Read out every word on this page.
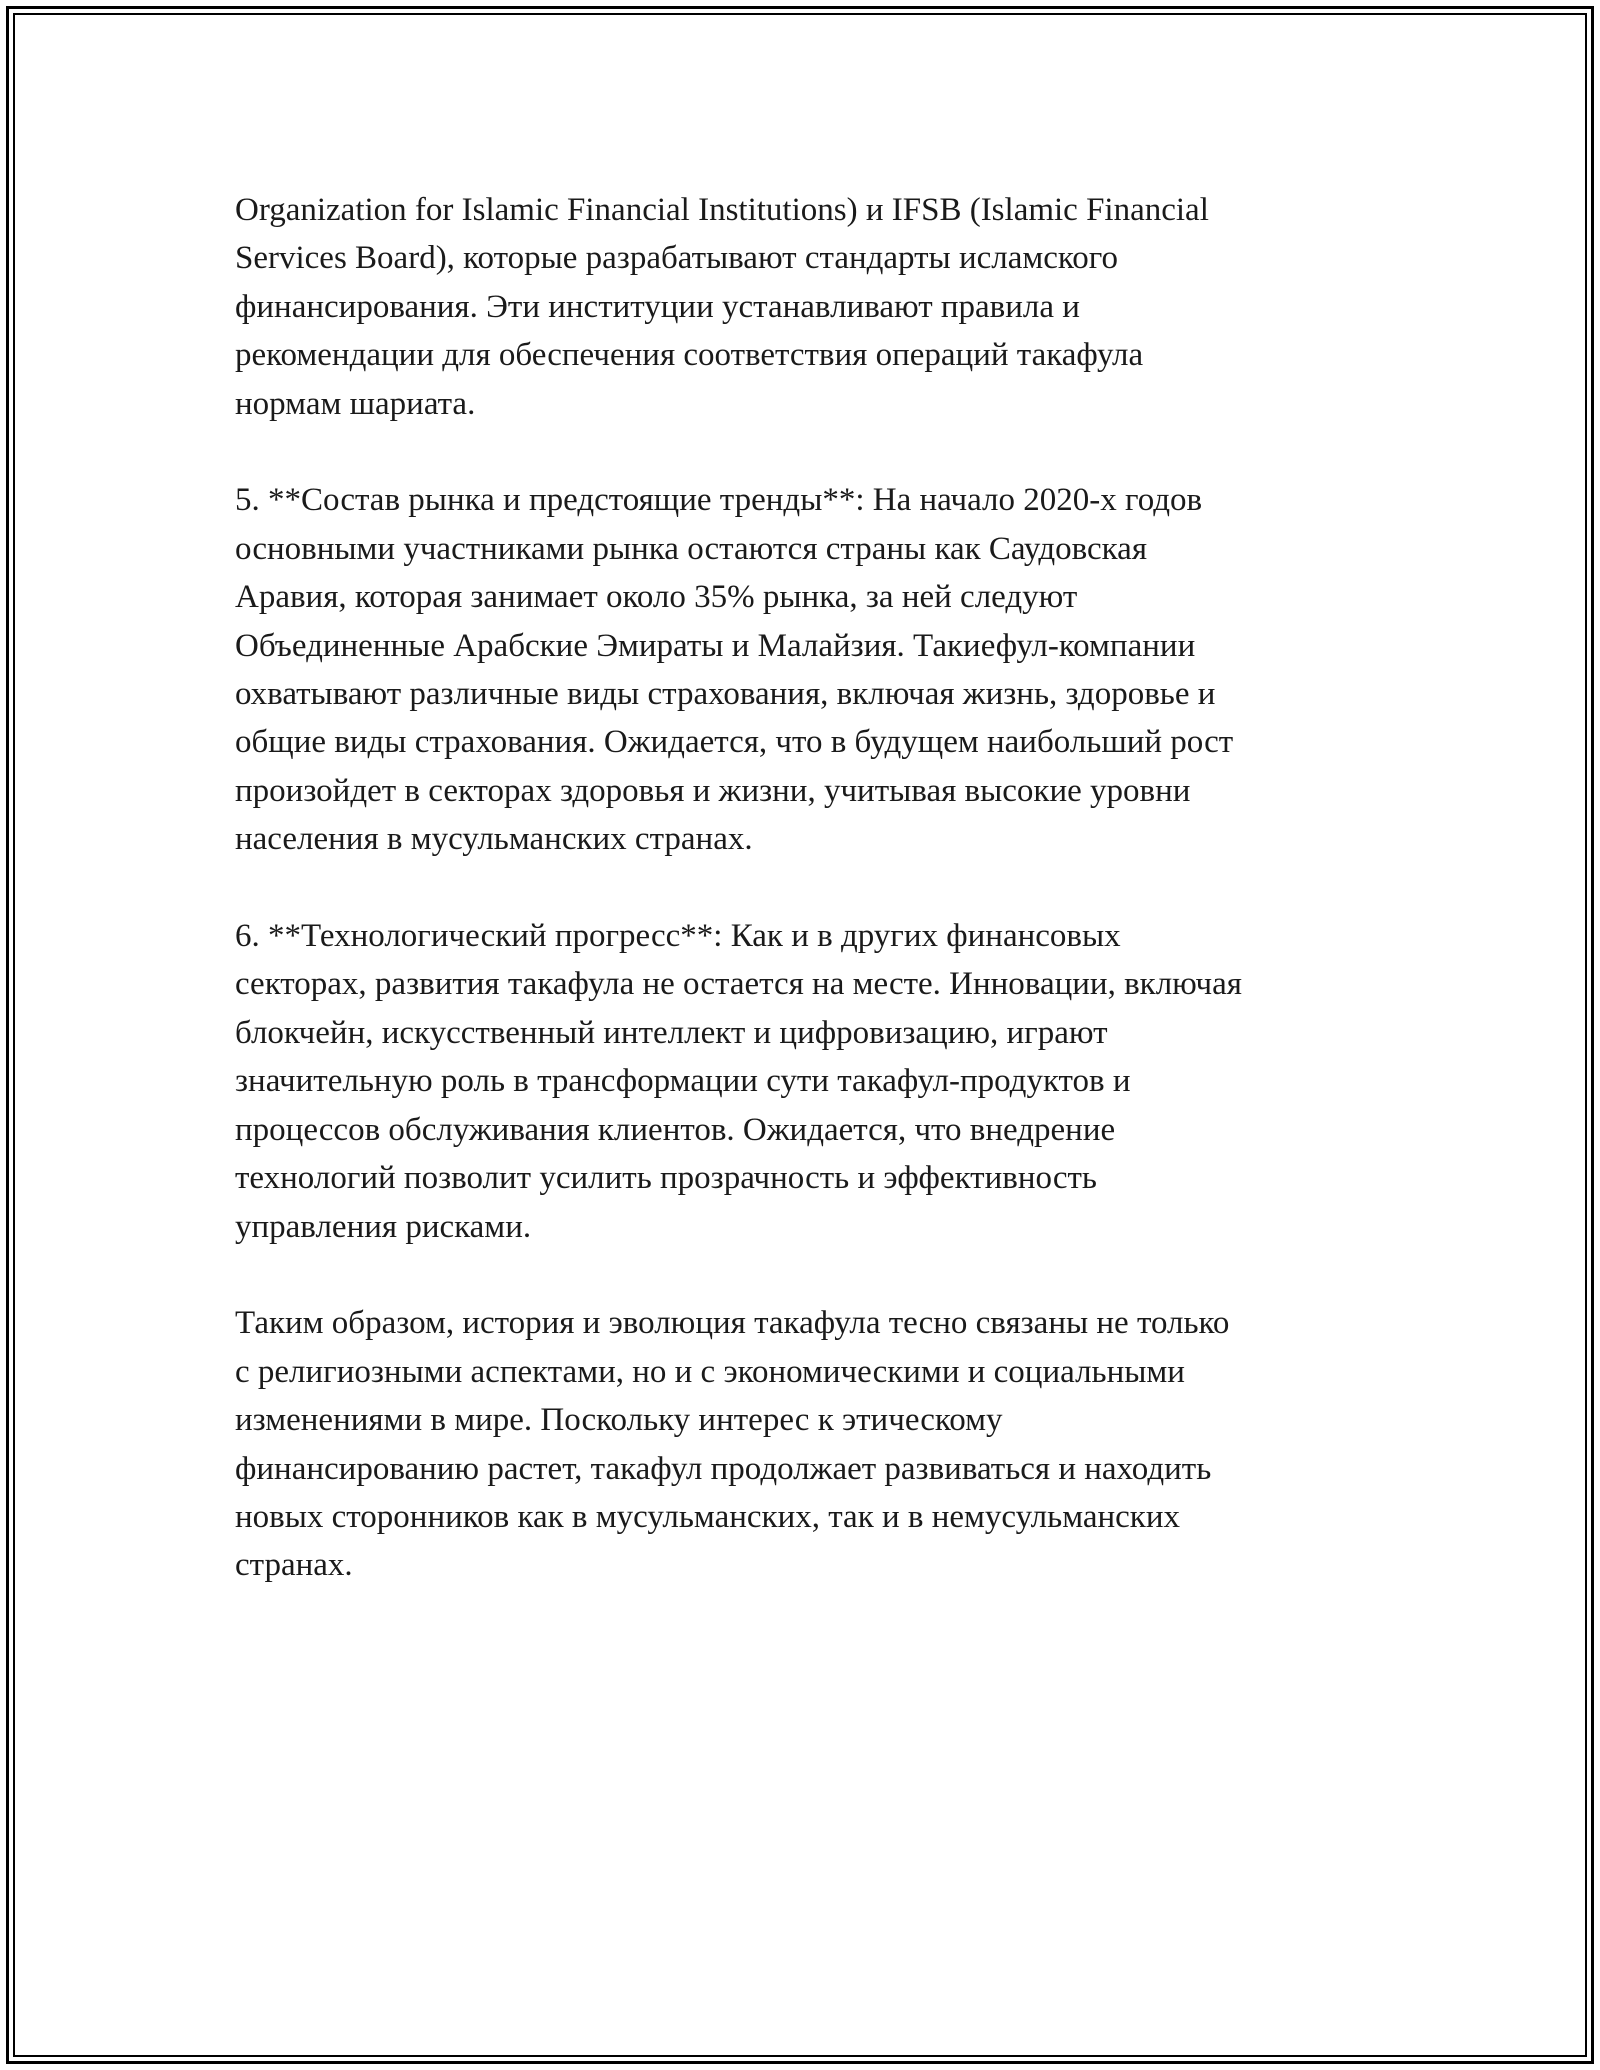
Organization for Islamic Financial Institutions) и IFSB (Islamic Financial
Services Board), которые разрабатывают стандарты исламского
финансирования. Эти институции устанавливают правила и
рекомендации для обеспечения соответствия операций такафула
нормам шариата.

5. **Состав рынка и предстоящие тренды**: На начало 2020-х годов
основными участниками рынка остаются страны как Саудовская
Аравия, которая занимает около 35% рынка, за ней следуют
Объединенные Арабские Эмираты и Малайзия. Такиефул-компании
охватывают различные виды страхования, включая жизнь, здоровье и
общие виды страхования. Ожидается, что в будущем наибольший рост
произойдет в секторах здоровья и жизни, учитывая высокие уровни
населения в мусульманских странах.

6. **Технологический прогресс**: Как и в других финансовых
секторах, развития такафула не остается на месте. Инновации, включая
блокчейн, искусственный интеллект и цифровизацию, играют
значительную роль в трансформации сути такафул-продуктов и
процессов обслуживания клиентов. Ожидается, что внедрение
технологий позволит усилить прозрачность и эффективность
управления рисками.

Таким образом, история и эволюция такафула тесно связаны не только
с религиозными аспектами, но и с экономическими и социальными
изменениями в мире. Поскольку интерес к этическому
финансированию растет, такафул продолжает развиваться и находить
новых сторонников как в мусульманских, так и в немусульманских
странах.
